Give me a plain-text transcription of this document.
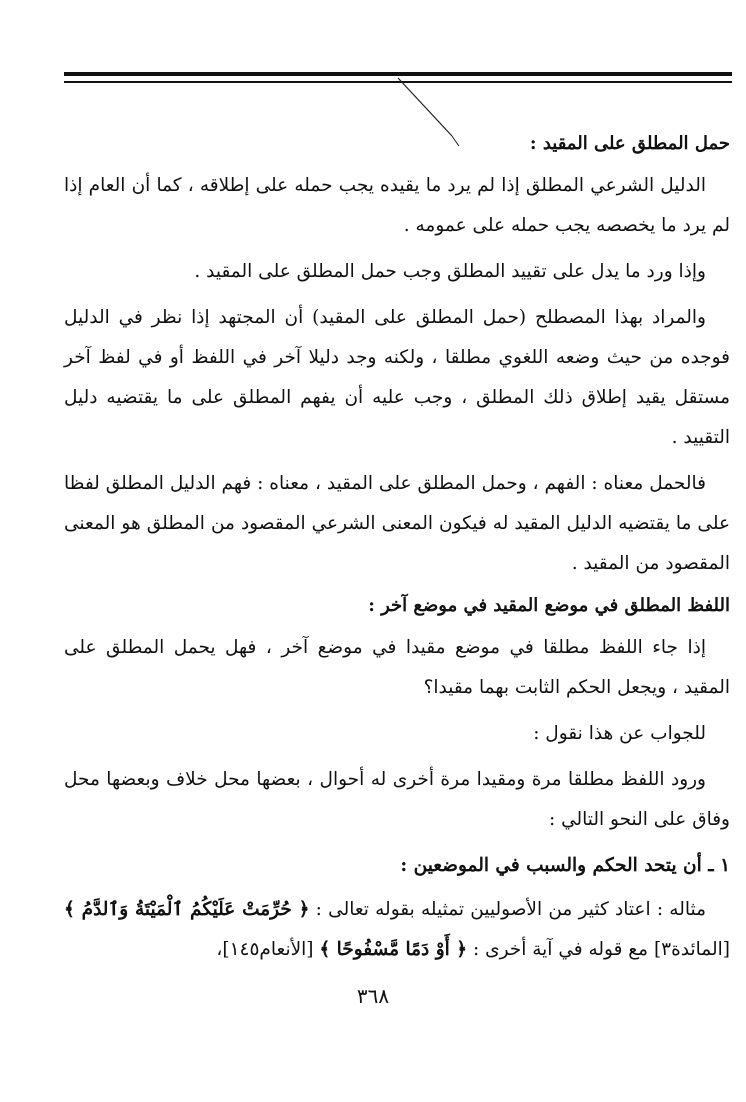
حمل المطلق على المقيد :

الدليل الشرعي المطلق إذا لم يرد ما يقيده يجب حمله على إطلاقه ، كما أن العام إذا لم يرد ما يخصصه يجب حمله على عمومه .

وإذا ورد ما يدل على تقييد المطلق وجب حمل المطلق على المقيد .

والمراد بهذا المصطلح (حمل المطلق على المقيد) أن المجتهد إذا نظر في الدليل فوجده من حيث وضعه اللغوي مطلقا ، ولكنه وجد دليلا آخر في اللفظ أو في لفظ آخر مستقل يقيد إطلاق ذلك المطلق ، وجب عليه أن يفهم المطلق على ما يقتضيه دليل التقييد .

فالحمل معناه : الفهم ، وحمل المطلق على المقيد ، معناه : فهم الدليل المطلق لفظا على ما يقتضيه الدليل المقيد له فيكون المعنى الشرعي المقصود من المطلق هو المعنى المقصود من المقيد .

اللفظ المطلق في موضع المقيد في موضع آخر :

إذا جاء اللفظ مطلقا في موضع مقيدا في موضع آخر ، فهل يحمل المطلق على المقيد ، ويجعل الحكم الثابت بهما مقيدا؟

للجواب عن هذا نقول :

ورود اللفظ مطلقا مرة ومقيدا مرة أخرى له أحوال ، بعضها محل خلاف وبعضها محل وفاق على النحو التالي :

١ ـ أن يتحد الحكم والسبب في الموضعين :

مثاله : اعتاد كثير من الأصوليين تمثيله بقوله تعالى : ﴿ حُرِّمَتْ عَلَيْكُمُ ٱلْمَيْتَةُ وَٱلدَّمُ ﴾ [المائدة٣] مع قوله في آية أخرى : ﴿ أَوْ دَمًا مَّسْفُوحًا ﴾ [الأنعام١٤٥]،

٣٦٨
